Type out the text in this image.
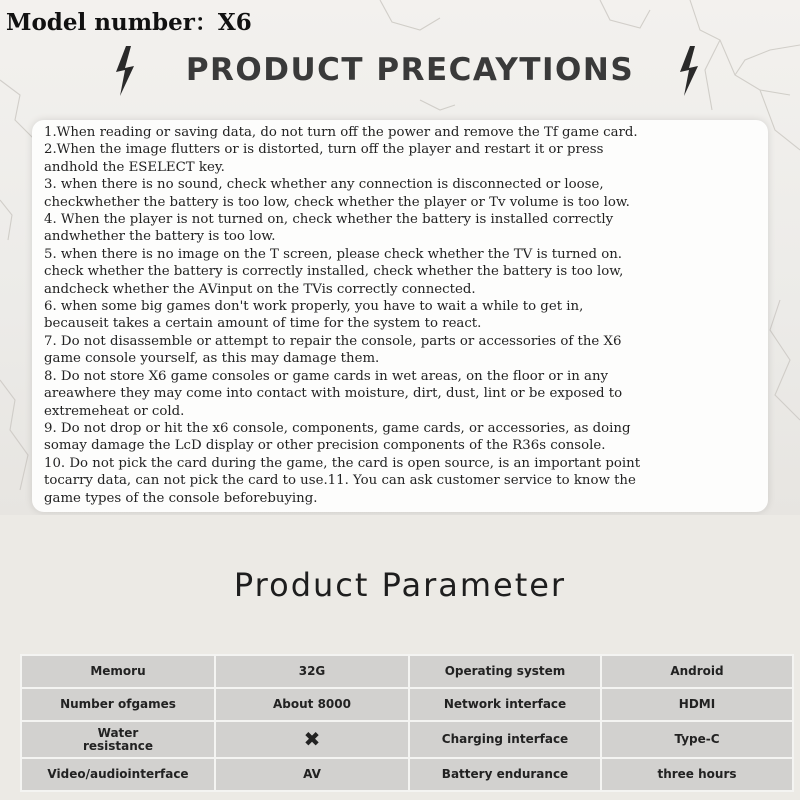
Model number：X6
PRODUCT PRECAYTIONS
1.When reading or saving data, do not turn off the power and remove the Tf game card.
2.When the image flutters or is distorted, turn off the player and restart it or press
andhold the ESELECT key.
3. when there is no sound, check whether any connection is disconnected or loose,
checkwhether the battery is too low, check whether the player or Tv volume is too low.
4. When the player is not turned on, check whether the battery is installed correctly
andwhether the battery is too low.
5. when there is no image on the T screen, please check whether the TV is turned on.
check whether the battery is correctly installed, check whether the battery is too low,
andcheck whether the AVinput on the TVis correctly connected.
6. when some big games don't work properly, you have to wait a while to get in,
becauseit takes a certain amount of time for the system to react.
7. Do not disassemble or attempt to repair the console, parts or accessories of the X6
game console yourself, as this may damage them.
8. Do not store X6 game consoles or game cards in wet areas, on the floor or in any
areawhere they may come into contact with moisture, dirt, dust, lint or be exposed to
extremeheat or cold.
9. Do not drop or hit the x6 console, components, game cards, or accessories, as doing
somay damage the LcD display or other precision components of the R36s console.
10. Do not pick the card during the game, the card is open source, is an important point
tocarry data, can not pick the card to use.11. You can ask customer service to know the
game types of the console beforebuying.
Product Parameter
Memoru	32G	Operating system	Android
Number ofgames	About 8000	Network interface	HDMI
Water
resistance	✖	Charging interface	Type-C
Video/audiointerface	AV	Battery endurance	three hours
